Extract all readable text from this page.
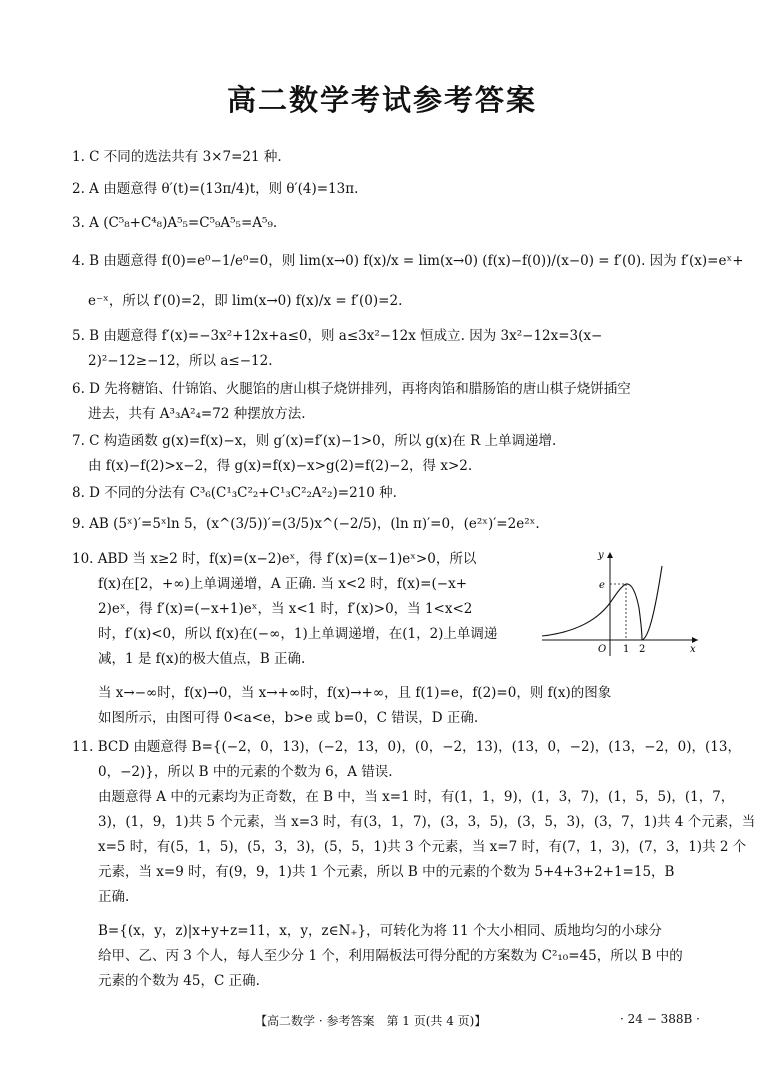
高二数学考试参考答案
1. C 不同的选法共有 3×7=21 种.
2. A 由题意得 θ′(t)=(13π/4)t，则 θ′(4)=13π.
3. A (C⁵₈+C⁴₈)A⁵₅=C⁵₉A⁵₅=A⁵₉.
4. B 由题意得 f(0)=e⁰−1/e⁰=0，则 lim(x→0) f(x)/x = lim(x→0) (f(x)−f(0))/(x−0) = f′(0). 因为 f′(x)=eˣ+
e⁻ˣ，所以 f′(0)=2，即 lim(x→0) f(x)/x = f′(0)=2.
5. B 由题意得 f′(x)=−3x²+12x+a≤0，则 a≤3x²−12x 恒成立. 因为 3x²−12x=3(x−
2)²−12≥−12，所以 a≤−12.
6. D 先将糖馅、什锦馅、火腿馅的唐山棋子烧饼排列，再将肉馅和腊肠馅的唐山棋子烧饼插空
进去，共有 A³₃A²₄=72 种摆放方法.
7. C 构造函数 g(x)=f(x)−x，则 g′(x)=f′(x)−1>0，所以 g(x)在 R 上单调递增.
由 f(x)−f(2)>x−2，得 g(x)=f(x)−x>g(2)=f(2)−2，得 x>2.
8. D 不同的分法有 C³₆(C¹₃C²₂+C¹₃C²₂A²₂)=210 种.
9. AB (5ˣ)′=5ˣln 5，(x^(3/5))′=(3/5)x^(−2/5)，(ln π)′=0，(e²ˣ)′=2e²ˣ.
10. ABD 当 x≥2 时，f(x)=(x−2)eˣ，得 f′(x)=(x−1)eˣ>0，所以
f(x)在[2，+∞)上单调递增，A 正确. 当 x<2 时，f(x)=(−x+
2)eˣ，得 f′(x)=(−x+1)eˣ，当 x<1 时，f′(x)>0，当 1<x<2
时，f′(x)<0，所以 f(x)在(−∞，1)上单调递增，在(1，2)上单调递
减，1 是 f(x)的极大值点，B 正确.
当 x→−∞时，f(x)→0，当 x→+∞时，f(x)→+∞，且 f(1)=e，f(2)=0，则 f(x)的图象
如图所示，由图可得 0<a<e，b>e 或 b=0，C 错误，D 正确.
11. BCD 由题意得 B={(−2，0，13)，(−2，13，0)，(0，−2，13)，(13，0，−2)，(13，−2，0)，(13，
0，−2)}，所以 B 中的元素的个数为 6，A 错误.
由题意得 A 中的元素均为正奇数，在 B 中，当 x=1 时，有(1，1，9)，(1，3，7)，(1，5，5)，(1，7，
3)，(1，9，1)共 5 个元素，当 x=3 时，有(3，1，7)，(3，3，5)，(3，5，3)，(3，7，1)共 4 个元素，当
x=5 时，有(5，1，5)，(5，3，3)，(5，5，1)共 3 个元素，当 x=7 时，有(7，1，3)，(7，3，1)共 2 个
元素，当 x=9 时，有(9，9，1)共 1 个元素，所以 B 中的元素的个数为 5+4+3+2+1=15，B
正确.
B={(x，y，z)|x+y+z=11，x，y，z∈N₊}，可转化为将 11 个大小相同、质地均匀的小球分
给甲、乙、丙 3 个人，每人至少分 1 个，利用隔板法可得分配的方案数为 C²₁₀=45，所以 B 中的
元素的个数为 45，C 正确.
y
x
O 1 2
e
【高二数学 · 参考答案　第 1 页(共 4 页)】	· 24 − 388B ·
